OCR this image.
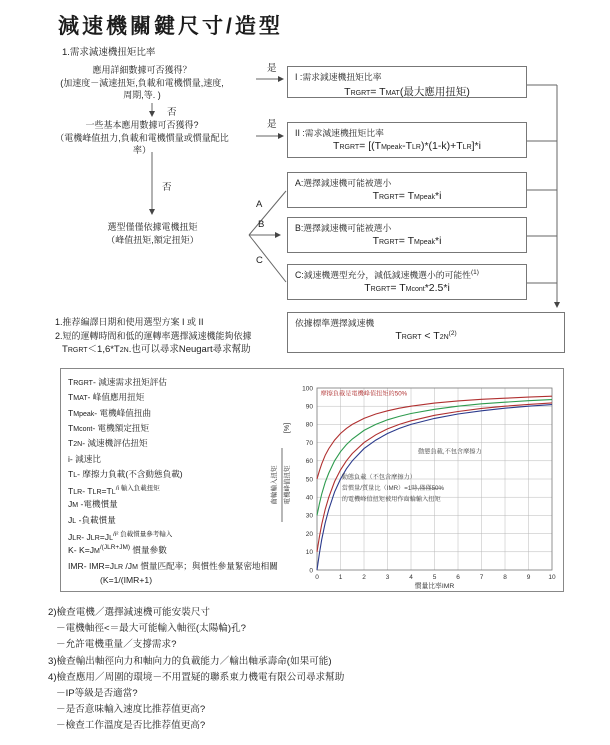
減速機關鍵尺寸/造型
1.需求減速機扭矩比率
應用詳細數據可否獲得？
(加速度－減速扭矩,負載和電機慣量,速度,
周期,等. )
是
否
一些基本應用數據可否獲得?
（電機峰值扭力,負載和電機慣量或慣量配比
率）
是
否
選型僅僅依據電機扭矩
（峰值扭矩,額定扭矩）
A
B
C
I :需求減速機扭矩比率
TRGRT= TMAT(最大應用扭矩)
II :需求減速機扭矩比率
TRGRT= [(TMpeak-TLR)*(1-k)+TLR]*i
A:選擇減速機可能被選小
TRGRT= TMpeak*i
B:選擇減速機可能被選小
TRGRT= TMpeak*i
C:減速機選型充分，減低減速機選小的可能性$^{(1)}$
TRGRT= TMcont*2.5*i
依據標準選擇減速機
TRGRT < $T2N^{(2)}$
1.推荐編譯日期和使用選型方案 I 或 II
2.短的運轉時間和低的運轉率選擇減速機能夠依據
TRGRT＜1,6*T2N.也可以尋求Neugart尋求幫助
TRGRT- 減速需求扭矩評估
TMAT- 峰值應用扭矩
TMpeak- 電機峰值扭曲
TMcont- 電機額定扭矩
T2N- 減速機評估扭矩
i- 減速比
TL- 摩擦力負載(不含動態負載)
TLR- $TLR=TL^{/i 輸入負載扭矩}$
JM -電機慣量
JL -負載慣量
JLR- $JLR=JL^{/i^2 負載慣量參考輸入}$
K- $K=JM^{/(JLR+JM)}$ 慣量參數
IMR- IMR=JLR /JM 慣量匹配率；與慣性參量緊密地相關
(K=1/(IMR+1)	0	1	2	3	4	5	6	7	8	9	10
0
10
20
30
40
50
60
70
80
90
100
摩擦負載是電機峰值扭矩的50%
動態負載,不包含摩擦力
動態負載（不包含摩擦力）
當慣量/質量比（IMR）=1時,僅僅50%
的電機峰值扭矩被用作齒輪輸入扭矩
慣量比率IMR
[%]
齒輪輸入扭矩 電機峰值扭矩
2)檢查電機／選擇減速機可能安裝尺寸
－電機軸徑<＝最大可能輸入軸徑(太陽輪)孔?
－允許電機重量／支撐需求?
3)檢查輸出軸徑向力和軸向力的負載能力／輸出軸承壽命(如果可能)
4)檢查應用／周圍的環境－不用置疑的聯系東力機電有限公司尋求幫助
－IP等級是否適當?
－是否意味輸入速度比推荐值更高?
－檢查工作溫度是否比推荐值更高?
